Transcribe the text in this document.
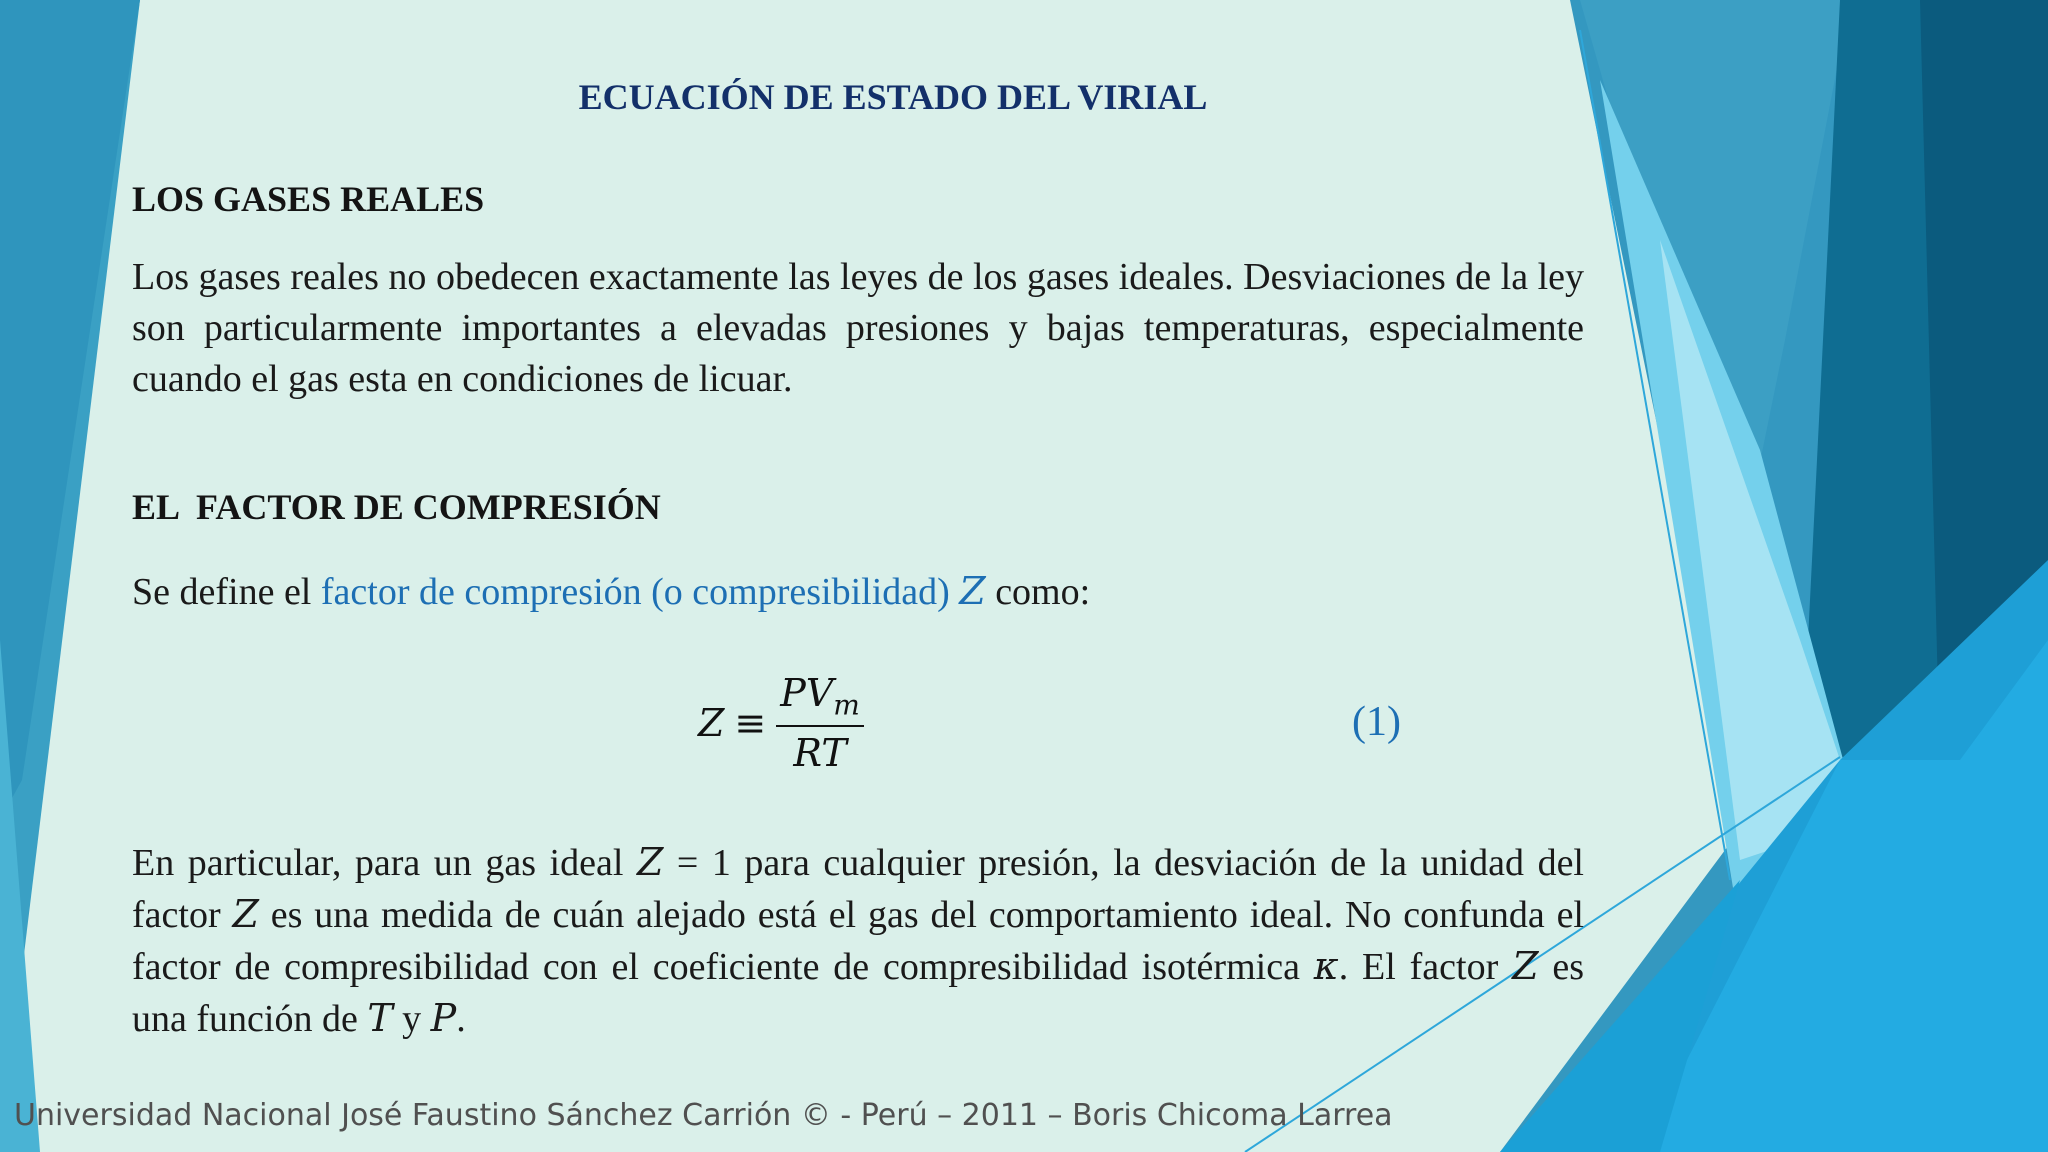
ECUACIÓN DE ESTADO DEL VIRIAL
LOS GASES REALES
Los gases reales no obedecen exactamente las leyes de los gases ideales. Desviaciones de la ley son particularmente importantes a elevadas presiones y bajas temperaturas, especialmente cuando el gas esta en condiciones de licuar.
EL  FACTOR DE COMPRESIÓN
Se define el factor de compresión (o compresibilidad) Z como:
$Z \equiv \frac{PV_m}{RT}$	(1)
En particular, para un gas ideal Z = 1 para cualquier presión, la desviación de la unidad del factor Z es una medida de cuán alejado está el gas del comportamiento ideal. No confunda el factor de compresibilidad con el coeficiente de compresibilidad isotérmica κ. El factor Z es una función de T y P.
Universidad Nacional José Faustino Sánchez Carrión © - Perú – 2011 – Boris Chicoma Larrea
